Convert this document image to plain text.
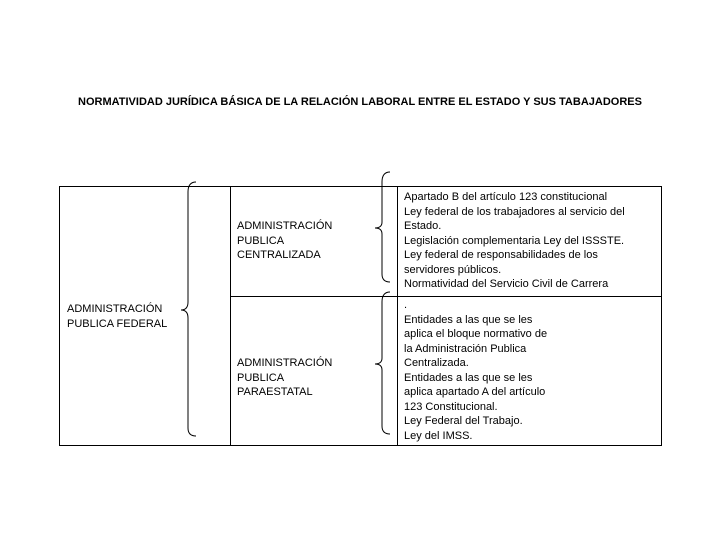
NORMATIVIDAD JURÍDICA BÁSICA DE LA RELACIÓN LABORAL ENTRE EL ESTADO Y SUS TABAJADORES
ADMINISTRACIÓN
PUBLICA FEDERAL
ADMINISTRACIÓN
PUBLICA
CENTRALIZADA
ADMINISTRACIÓN
PUBLICA
PARAESTATAL
Apartado B del artículo 123 constitucional
Ley federal de los trabajadores al servicio del
Estado.
Legislación complementaria Ley del ISSSTE.
Ley federal de responsabilidades de los
servidores públicos.
Normatividad del Servicio Civil de Carrera
.
Entidades a las que se les
aplica el bloque normativo de
la Administración Publica
Centralizada.
Entidades a las que se les
aplica apartado A del artículo
123 Constitucional.
Ley Federal del Trabajo.
Ley del IMSS.
